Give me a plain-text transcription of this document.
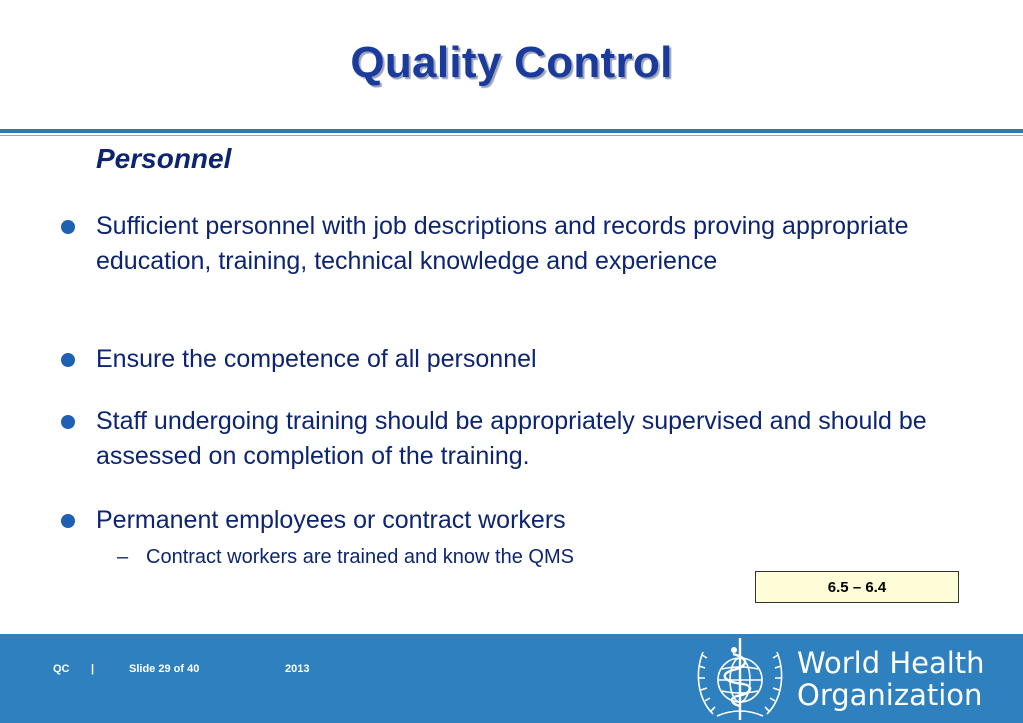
Quality Control
Personnel
Sufficient personnel with job descriptions and records proving appropriate education, training, technical knowledge and experience
Ensure the competence of all personnel
Staff undergoing training should be appropriately supervised and should be assessed on completion of the training.
Permanent employees or contract workers
– Contract workers are trained and know the QMS
6.5 – 6.4
QC |	Slide 29 of 40	2013	World Health
Organization
